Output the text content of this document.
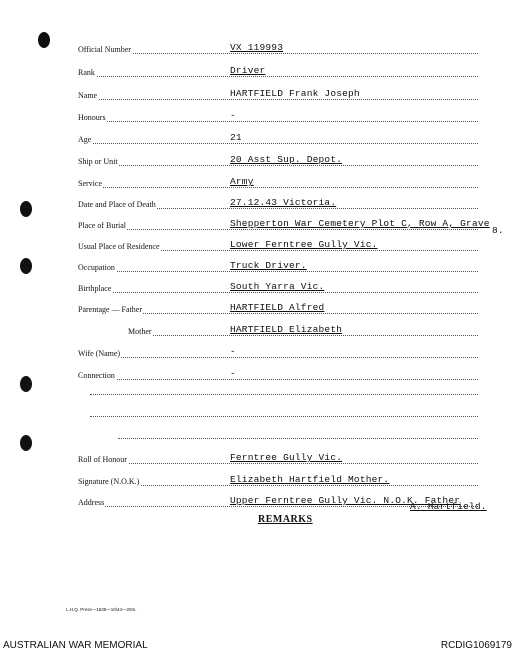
Official Number	VX 119993
Rank	Driver
Name	HARTFIELD Frank Joseph
Honours	-
Age	21
Ship or Unit	20 Asst Sup. Depot.
Service	Army
Date and Place of Death	27.12.43 Victoria.
Place of Burial	Shepperton War Cemetery Plot C, Row A, Grave
8.
Usual Place of Residence	Lower Ferntree Gully Vic.
Occupation	Truck Driver.
Birthplace	South Yarra Vic.
Parentage — Father	HARTFIELD Alfred
Mother	HARTFIELD Elizabeth
Wife (Name)	-
Connection	-
Roll of Honour	Ferntree Gully Vic.
Signature (N.O.K.)	Elizabeth Hartfield Mother.
Address	Upper Ferntree Gully Vic. N.O.K. Father
A. Hartfield.
REMARKS
L.H.Q. Press—1635—10/44—20m.
AUSTRALIAN WAR MEMORIAL	RCDIG1069179
